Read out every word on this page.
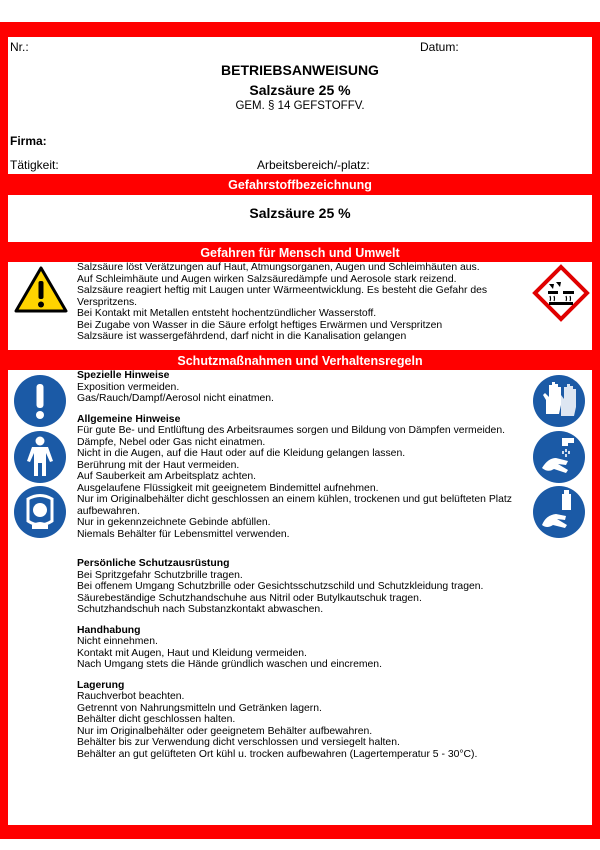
Nr.:	Datum:
BETRIEBSANWEISUNG
Salzsäure 25 %
GEM. § 14 GEFSTOFFV.
Firma:
Tätigkeit:	Arbeitsbereich/-platz:
Gefahrstoffbezeichnung
Salzsäure 25 %
Gefahren für Mensch und Umwelt
Salzsäure löst Verätzungen auf Haut, Atmungsorganen, Augen und Schleimhäuten aus.
Auf Schleimhäute und Augen wirken Salzsäuredämpfe und Aerosole stark reizend.
Salzsäure reagiert heftig mit Laugen unter Wärmeentwicklung. Es besteht die Gefahr des Verspritzens.
Bei Kontakt mit Metallen entsteht hochentzündlicher Wasserstoff.
Bei Zugabe von Wasser in die Säure erfolgt heftiges Erwärmen und Verspritzen
Salzsäure ist wassergefährdend, darf nicht in die Kanalisation gelangen
Schutzmaßnahmen und Verhaltensregeln
Spezielle Hinweise
Exposition vermeiden.
Gas/Rauch/Dampf/Aerosol nicht einatmen.
Allgemeine Hinweise
Für gute Be- und Entlüftung des Arbeitsraumes sorgen und Bildung von Dämpfen vermeiden.
Dämpfe, Nebel oder Gas nicht einatmen.
Nicht in die Augen, auf die Haut oder auf die Kleidung gelangen lassen.
Berührung mit der Haut vermeiden.
Auf Sauberkeit am Arbeitsplatz achten.
Ausgelaufene Flüssigkeit mit geeignetem Bindemittel aufnehmen.
Nur im Originalbehälter dicht geschlossen an einem kühlen, trockenen und gut belüfteten Platz aufbewahren.
Nur in gekennzeichnete Gebinde abfüllen.
Niemals Behälter für Lebensmittel verwenden.
Persönliche Schutzausrüstung
Bei Spritzgefahr Schutzbrille tragen.
Bei offenem Umgang Schutzbrille oder Gesichtsschutzschild und Schutzkleidung tragen.
Säurebeständige Schutzhandschuhe aus Nitril oder Butylkautschuk tragen.
Schutzhandschuh nach Substanzkontakt abwaschen.
Handhabung
Nicht einnehmen.
Kontakt mit Augen, Haut und Kleidung vermeiden.
Nach Umgang stets die Hände gründlich waschen und eincremen.
Lagerung
Rauchverbot beachten.
Getrennt von Nahrungsmitteln und Getränken lagern.
Behälter dicht geschlossen halten.
Nur im Originalbehälter oder geeignetem Behälter aufbewahren.
Behälter bis zur Verwendung dicht verschlossen und versiegelt halten.
Behälter an gut gelüfteten Ort kühl u. trocken aufbewahren (Lagertemperatur 5 - 30°C).
